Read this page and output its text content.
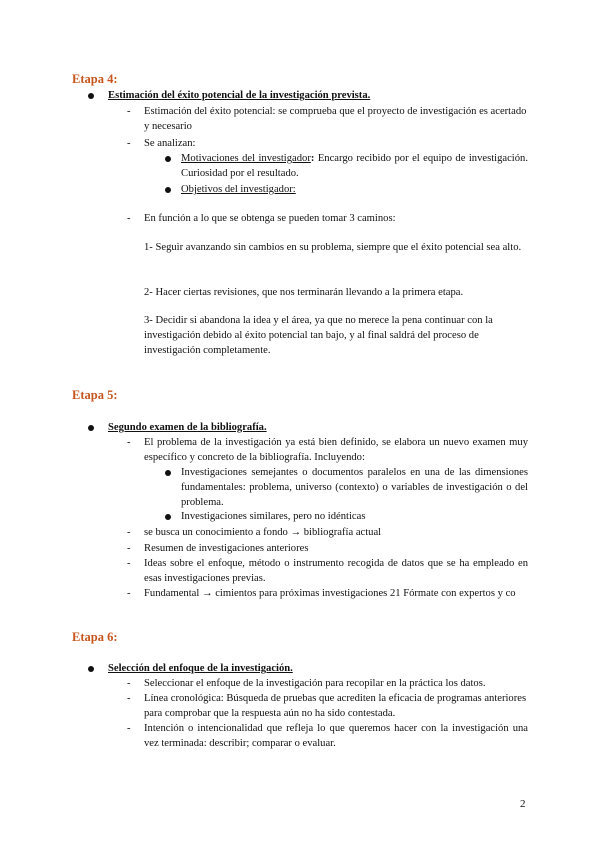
Etapa 4:
Estimación del éxito potencial de la investigación prevista.
- Estimación del éxito potencial: se comprueba que el proyecto de investigación es acertado y necesario
- Se analizan:
Motivaciones del investigador: Encargo recibido por el equipo de investigación. Curiosidad por el resultado.
Objetivos del investigador:
- En función a lo que se obtenga se pueden tomar 3 caminos:
1- Seguir avanzando sin cambios en su problema, siempre que el éxito potencial sea alto.
2- Hacer ciertas revisiones, que nos terminarán llevando a la primera etapa.
3- Decidir si abandona la idea y el área, ya que no merece la pena continuar con la investigación debido al éxito potencial tan bajo, y al final saldrá del proceso de investigación completamente.
Etapa 5:
Segundo examen de la bibliografía.
- El problema de la investigación ya está bien definido, se elabora un nuevo examen muy específico y concreto de la bibliografía. Incluyendo:
Investigaciones semejantes o documentos paralelos en una de las dimensiones fundamentales: problema, universo (contexto) o variables de investigación o del problema.
Investigaciones similares, pero no idénticas
- se busca un conocimiento a fondo → bibliografía actual
- Resumen de investigaciones anteriores
- Ideas sobre el enfoque, método o instrumento recogida de datos que se ha empleado en esas investigaciones previas.
- Fundamental → cimientos para próximas investigaciones 21 Fórmate con expertos y co
Etapa 6:
Selección del enfoque de la investigación.
- Seleccionar el enfoque de la investigación para recopilar en la práctica los datos.
- Línea cronológica: Búsqueda de pruebas que acrediten la eficacia de programas anteriores para comprobar que la respuesta aún no ha sido contestada.
- Intención o intencionalidad que refleja lo que queremos hacer con la investigación una vez terminada: describir; comparar o evaluar.
2
